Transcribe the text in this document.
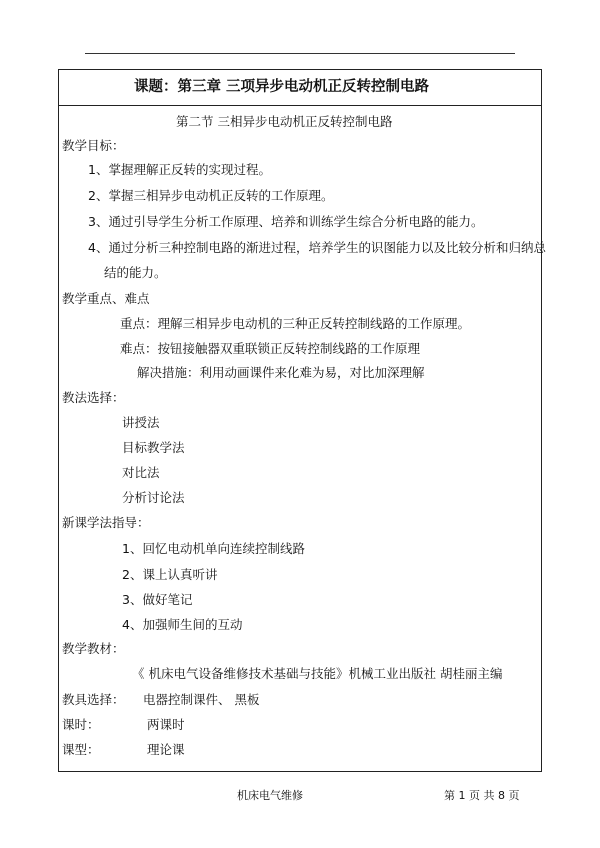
课题：第三章 三项异步电动机正反转控制电路
第二节 三相异步电动机正反转控制电路
教学目标：
1、掌握理解正反转的实现过程。
2、掌握三相异步电动机正反转的工作原理。
3、通过引导学生分析工作原理、培养和训练学生综合分析电路的能力。
4、通过分析三种控制电路的渐进过程，培养学生的识图能力以及比较分析和归纳总
结的能力。
教学重点、难点
重点：理解三相异步电动机的三种正反转控制线路的工作原理。
难点：按钮接触器双重联锁正反转控制线路的工作原理
解决措施：利用动画课件来化难为易，对比加深理解
教法选择：
讲授法
目标教学法
对比法
分析讨论法
新课学法指导：
1、回忆电动机单向连续控制线路
2、课上认真听讲
3、做好笔记
4、加强师生间的互动
教学教材：
《 机床电气设备维修技术基础与技能》机械工业出版社 胡桂丽主编
教具选择： 电器控制课件、 黑板
课时：	两课时
课型：	理论课
机床电气维修	第 1 页 共 8 页
